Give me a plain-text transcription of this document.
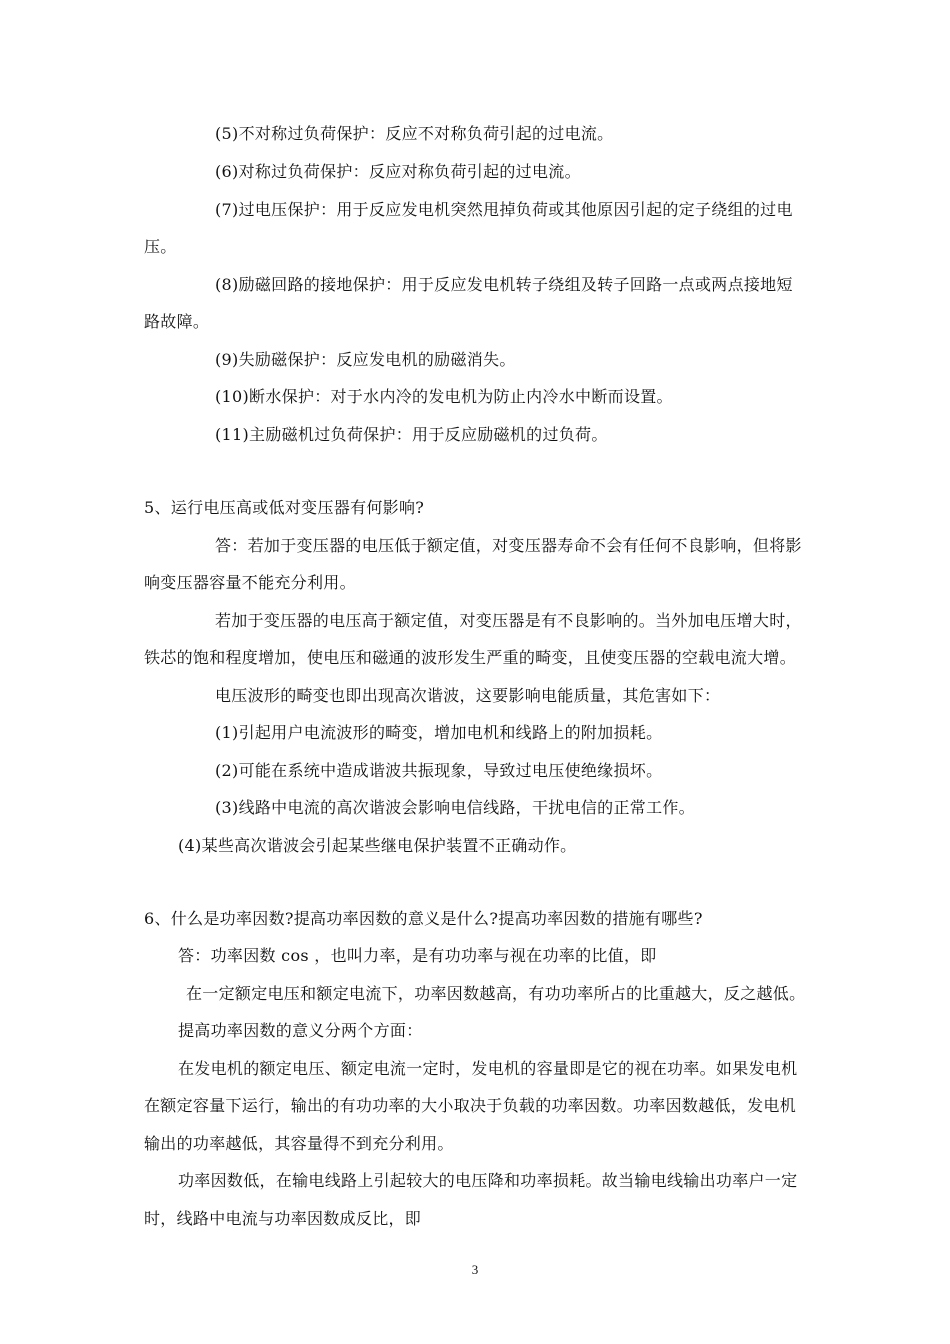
(5)不对称过负荷保护：反应不对称负荷引起的过电流。
(6)对称过负荷保护：反应对称负荷引起的过电流。
(7)过电压保护：用于反应发电机突然甩掉负荷或其他原因引起的定子绕组的过电
压。
(8)励磁回路的接地保护：用于反应发电机转子绕组及转子回路一点或两点接地短
路故障。
(9)失励磁保护：反应发电机的励磁消失。
(10)断水保护：对于水内冷的发电机为防止内冷水中断而设置。
(11)主励磁机过负荷保护：用于反应励磁机的过负荷。
5、运行电压高或低对变压器有何影响?
答：若加于变压器的电压低于额定值，对变压器寿命不会有任何不良影响，但将影
响变压器容量不能充分利用。
若加于变压器的电压高于额定值，对变压器是有不良影响的。当外加电压增大时，
铁芯的饱和程度增加，使电压和磁通的波形发生严重的畸变，且使变压器的空载电流大增。
电压波形的畸变也即出现高次谐波，这要影响电能质量，其危害如下：
(1)引起用户电流波形的畸变，增加电机和线路上的附加损耗。
(2)可能在系统中造成谐波共振现象，导致过电压使绝缘损坏。
(3)线路中电流的高次谐波会影响电信线路，干扰电信的正常工作。
(4)某些高次谐波会引起某些继电保护装置不正确动作。
6、什么是功率因数?提高功率因数的意义是什么?提高功率因数的措施有哪些?
答：功率因数 cos ，也叫力率，是有功功率与视在功率的比值，即
在一定额定电压和额定电流下，功率因数越高，有功功率所占的比重越大，反之越低。
提高功率因数的意义分两个方面：
在发电机的额定电压、额定电流一定时，发电机的容量即是它的视在功率。如果发电机
在额定容量下运行，输出的有功功率的大小取决于负载的功率因数。功率因数越低，发电机
输出的功率越低，其容量得不到充分利用。
功率因数低，在输电线路上引起较大的电压降和功率损耗。故当输电线输出功率户一定
时，线路中电流与功率因数成反比，即
3
